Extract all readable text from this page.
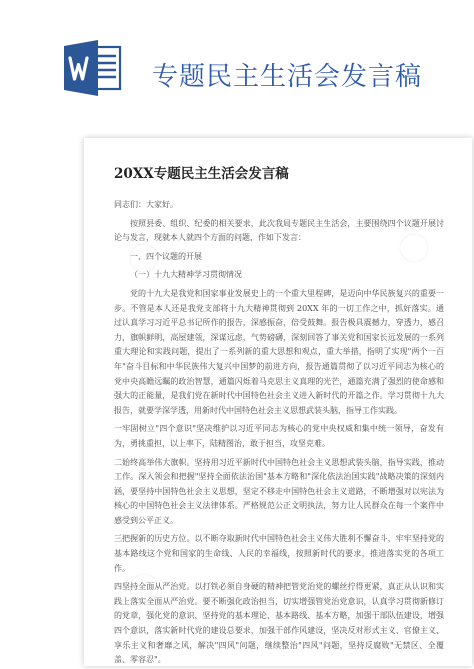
专题民主生活会发言稿
20XX专题民主生活会发言稿

同志们：大家好。

按照县委、组织、纪委的相关要求，此次我局专题民主生活会，主要围绕四个议题开展讨论与发言，现就本人就四个方面的问题，作如下发言：

一、四个议题的开展

（一）十九大精神学习贯彻情况

党的十九大是我党和国家事业发展史上的一个重大里程碑，是迈向中华民族复兴的重要一步。不管是本人还是我党支部将十九大精神贯彻到 20XX 年的一切工作之中，抓好落实。通过认真学习习近平总书记所作的报告，深感振奋，倍受鼓舞。报告极具震撼力，穿透力，感召力，旗帜鲜明，高屋建瓴，深谋远虑，气势磅礴，深刻回答了事关党和国家长远发展的一系列重大理论和实践问题，提出了一系列新的重大思想和观点，重大举措，指明了实现"两个一百年"奋斗目标和中华民族伟大复兴中国梦的前进方向，报告通篇贯彻了以习近平同志为核心的党中央高瞻远瞩的政治智慧，通篇闪烁着马克思主义真理的光芒，通篇充满了强烈的使命感和强大的正能量，是我们党在新时代中国特色社会主义进入新时代的开篇之作。学习贯彻十九大报告，就要学深学透，用新时代中国特色社会主义思想武装头脑，指导工作实践。

一牢固树立"四个意识"坚决维护以习近平同志为核心的党中央权威和集中统一领导，奋发有为，勇挑重担，以上率下，陆精图治，敢于担当，攻坚克难。

二始终高举伟大旗帜。坚持用习近平新时代中国特色社会主义思想武装头脑，指导实践，推动工作。深入领会和把握"坚持全面依法治国"基本方略和"深化依法治国实践"战略决策的深刻内涵，要坚持中国特色社会主义思想，坚定不移走中国特色社会主义道路，不断增强对以宪法为核心的中国特色社会主义法律体系。严格规范公正文明执法，努力让人民群众在每一个案件中感受到公平正义。

三把握新的历史方位。以不断夺取新时代中国特色社会主义伟大胜利不懈奋斗，牢牢坚持党的基本路线这个党和国家的生命线、人民的幸福线，按照新时代的要求，推进落实党的各项工作。

四坚持全面从严治党。以打铁必须自身硬的精神把管党治党的螺丝拧得更紧，真正从认识和实践上落实全面从严治党。要不断强化政治担当，切实增强管党治党意识，认真学习贯彻新修订的党章，强化党的意识，坚持党的基本理论、基本路线、基本方略，加强干部队伍建设，增强四个意识，落实新时代党的建设总要求，加强干部作风建设，坚决反对形式主义、官僚主义、享乐主义和奢靡之风，解决"四风"问题，继续整治"四风"问题，坚持反腐败"无禁区、全覆盖、零容忍"。
